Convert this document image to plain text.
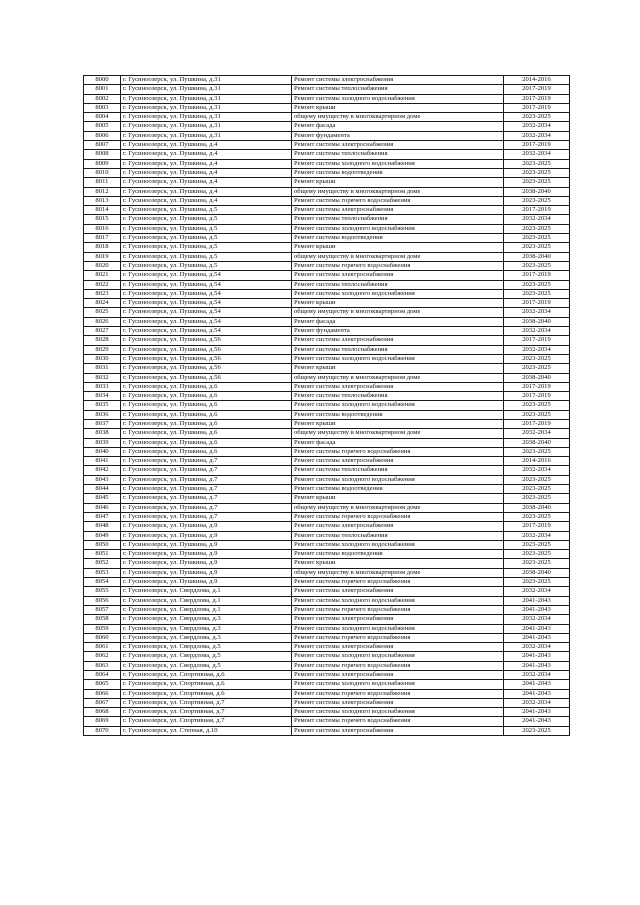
8000	г. Гусиноозерск, ул. Пушкина, д.31	Ремонт системы электроснабжения	2014-2016
8001	г. Гусиноозерск, ул. Пушкина, д.31	Ремонт системы теплоснабжения	2017-2019
8002	г. Гусиноозерск, ул. Пушкина, д.31	Ремонт системы холодного водоснабжения	2017-2019
8003	г. Гусиноозерск, ул. Пушкина, д.31	Ремонт крыши	2017-2019
8004	г. Гусиноозерск, ул. Пушкина, д.31	общему имуществу в многоквартирном доме	2023-2025
8005	г. Гусиноозерск, ул. Пушкина, д.31	Ремонт фасада	2032-2034
8006	г. Гусиноозерск, ул. Пушкина, д.31	Ремонт фундамента	2032-2034
8007	г. Гусиноозерск, ул. Пушкина, д.4	Ремонт системы электроснабжения	2017-2019
8008	г. Гусиноозерск, ул. Пушкина, д.4	Ремонт системы теплоснабжения	2032-2034
8009	г. Гусиноозерск, ул. Пушкина, д.4	Ремонт системы холодного водоснабжения	2023-2025
8010	г. Гусиноозерск, ул. Пушкина, д.4	Ремонт системы водоотведения	2023-2025
8011	г. Гусиноозерск, ул. Пушкина, д.4	Ремонт крыши	2023-2025
8012	г. Гусиноозерск, ул. Пушкина, д.4	общему имуществу в многоквартирном доме	2038-2040
8013	г. Гусиноозерск, ул. Пушкина, д.4	Ремонт системы горячего водоснабжения	2023-2025
8014	г. Гусиноозерск, ул. Пушкина, д.5	Ремонт системы электроснабжения	2017-2019
8015	г. Гусиноозерск, ул. Пушкина, д.5	Ремонт системы теплоснабжения	2032-2034
8016	г. Гусиноозерск, ул. Пушкина, д.5	Ремонт системы холодного водоснабжения	2023-2025
8017	г. Гусиноозерск, ул. Пушкина, д.5	Ремонт системы водоотведения	2023-2025
8018	г. Гусиноозерск, ул. Пушкина, д.5	Ремонт крыши	2023-2025
8019	г. Гусиноозерск, ул. Пушкина, д.5	общему имуществу в многоквартирном доме	2038-2040
8020	г. Гусиноозерск, ул. Пушкина, д.5	Ремонт системы горячего водоснабжения	2023-2025
8021	г. Гусиноозерск, ул. Пушкина, д.54	Ремонт системы электроснабжения	2017-2019
8022	г. Гусиноозерск, ул. Пушкина, д.54	Ремонт системы теплоснабжения	2023-2025
8023	г. Гусиноозерск, ул. Пушкина, д.54	Ремонт системы холодного водоснабжения	2023-2025
8024	г. Гусиноозерск, ул. Пушкина, д.54	Ремонт крыши	2017-2019
8025	г. Гусиноозерск, ул. Пушкина, д.54	общему имуществу в многоквартирном доме	2032-2034
8026	г. Гусиноозерск, ул. Пушкина, д.54	Ремонт фасада	2038-2040
8027	г. Гусиноозерск, ул. Пушкина, д.54	Ремонт фундамента	2032-2034
8028	г. Гусиноозерск, ул. Пушкина, д.56	Ремонт системы электроснабжения	2017-2019
8029	г. Гусиноозерск, ул. Пушкина, д.56	Ремонт системы теплоснабжения	2032-2034
8030	г. Гусиноозерск, ул. Пушкина, д.56	Ремонт системы холодного водоснабжения	2023-2025
8031	г. Гусиноозерск, ул. Пушкина, д.56	Ремонт крыши	2023-2025
8032	г. Гусиноозерск, ул. Пушкина, д.56	общему имуществу в многоквартирном доме	2038-2040
8033	г. Гусиноозерск, ул. Пушкина, д.6	Ремонт системы электроснабжения	2017-2019
8034	г. Гусиноозерск, ул. Пушкина, д.6	Ремонт системы теплоснабжения	2017-2019
8035	г. Гусиноозерск, ул. Пушкина, д.6	Ремонт системы холодного водоснабжения	2023-2025
8036	г. Гусиноозерск, ул. Пушкина, д.6	Ремонт системы водоотведения	2023-2025
8037	г. Гусиноозерск, ул. Пушкина, д.6	Ремонт крыши	2017-2019
8038	г. Гусиноозерск, ул. Пушкина, д.6	общему имуществу в многоквартирном доме	2032-2034
8039	г. Гусиноозерск, ул. Пушкина, д.6	Ремонт фасада	2038-2040
8040	г. Гусиноозерск, ул. Пушкина, д.6	Ремонт системы горячего водоснабжения	2023-2025
8041	г. Гусиноозерск, ул. Пушкина, д.7	Ремонт системы электроснабжения	2014-2016
8042	г. Гусиноозерск, ул. Пушкина, д.7	Ремонт системы теплоснабжения	2032-2034
8043	г. Гусиноозерск, ул. Пушкина, д.7	Ремонт системы холодного водоснабжения	2023-2025
8044	г. Гусиноозерск, ул. Пушкина, д.7	Ремонт системы водоотведения	2023-2025
8045	г. Гусиноозерск, ул. Пушкина, д.7	Ремонт крыши	2023-2025
8046	г. Гусиноозерск, ул. Пушкина, д.7	общему имуществу в многоквартирном доме	2038-2040
8047	г. Гусиноозерск, ул. Пушкина, д.7	Ремонт системы горячего водоснабжения	2023-2025
8048	г. Гусиноозерск, ул. Пушкина, д.9	Ремонт системы электроснабжения	2017-2019
8049	г. Гусиноозерск, ул. Пушкина, д.9	Ремонт системы теплоснабжения	2032-2034
8050	г. Гусиноозерск, ул. Пушкина, д.9	Ремонт системы холодного водоснабжения	2023-2025
8051	г. Гусиноозерск, ул. Пушкина, д.9	Ремонт системы водоотведения	2023-2025
8052	г. Гусиноозерск, ул. Пушкина, д.9	Ремонт крыши	2023-2025
8053	г. Гусиноозерск, ул. Пушкина, д.9	общему имуществу в многоквартирном доме	2038-2040
8054	г. Гусиноозерск, ул. Пушкина, д.9	Ремонт системы горячего водоснабжения	2023-2025
8055	г. Гусиноозерск, ул. Свердлова, д.1	Ремонт системы электроснабжения	2032-2034
8056	г. Гусиноозерск, ул. Свердлова, д.1	Ремонт системы холодного водоснабжения	2041-2043
8057	г. Гусиноозерск, ул. Свердлова, д.1	Ремонт системы горячего водоснабжения	2041-2043
8058	г. Гусиноозерск, ул. Свердлова, д.3	Ремонт системы электроснабжения	2032-2034
8059	г. Гусиноозерск, ул. Свердлова, д.3	Ремонт системы холодного водоснабжения	2041-2043
8060	г. Гусиноозерск, ул. Свердлова, д.3	Ремонт системы горячего водоснабжения	2041-2043
8061	г. Гусиноозерск, ул. Свердлова, д.5	Ремонт системы электроснабжения	2032-2034
8062	г. Гусиноозерск, ул. Свердлова, д.5	Ремонт системы холодного водоснабжения	2041-2043
8063	г. Гусиноозерск, ул. Свердлова, д.5	Ремонт системы горячего водоснабжения	2041-2043
8064	г. Гусиноозерск, ул. Спортивная, д.6	Ремонт системы электроснабжения	2032-2034
8065	г. Гусиноозерск, ул. Спортивная, д.6	Ремонт системы холодного водоснабжения	2041-2043
8066	г. Гусиноозерск, ул. Спортивная, д.6	Ремонт системы горячего водоснабжения	2041-2043
8067	г. Гусиноозерск, ул. Спортивная, д.7	Ремонт системы электроснабжения	2032-2034
8068	г. Гусиноозерск, ул. Спортивная, д.7	Ремонт системы холодного водоснабжения	2041-2043
8069	г. Гусиноозерск, ул. Спортивная, д.7	Ремонт системы горячего водоснабжения	2041-2043
8070	г. Гусиноозерск, ул. Степная, д.10	Ремонт системы электроснабжения	2023-2025
